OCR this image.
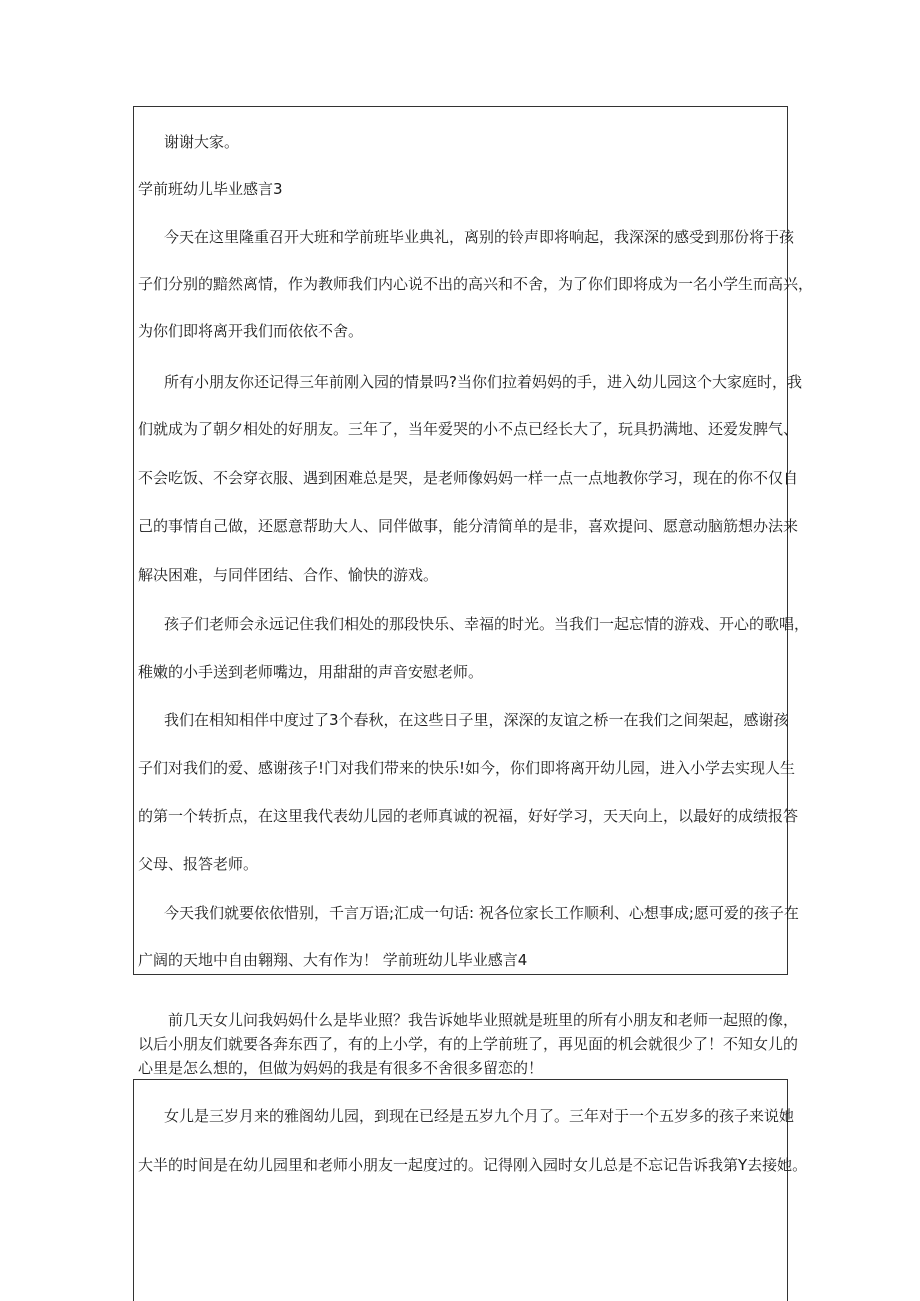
谢谢大家。
学前班幼儿毕业感言3
今天在这里隆重召开大班和学前班毕业典礼，离别的铃声即将响起，我深深的感受到那份将于孩
子们分别的黯然离情，作为教师我们内心说不出的高兴和不舍，为了你们即将成为一名小学生而高兴，
为你们即将离开我们而依依不舍。
所有小朋友你还记得三年前刚入园的情景吗?当你们拉着妈妈的手，进入幼儿园这个大家庭时，我
们就成为了朝夕相处的好朋友。三年了，当年爱哭的小不点已经长大了，玩具扔满地、还爱发脾气、
不会吃饭、不会穿衣服、遇到困难总是哭，是老师像妈妈一样一点一点地教你学习，现在的你不仅自
己的事情自己做，还愿意帮助大人、同伴做事，能分清简单的是非，喜欢提问、愿意动脑筋想办法来
解决困难，与同伴团结、合作、愉快的游戏。
孩子们老师会永远记住我们相处的那段快乐、幸福的时光。当我们一起忘情的游戏、开心的歌唱，
稚嫩的小手送到老师嘴边，用甜甜的声音安慰老师。
我们在相知相伴中度过了3个春秋，在这些日子里，深深的友谊之桥一在我们之间架起，感谢孩
子们对我们的爱、感谢孩子!门对我们带来的快乐!如今，你们即将离开幼儿园，进入小学去实现人生
的第一个转折点，在这里我代表幼儿园的老师真诚的祝福，好好学习，天天向上，以最好的成绩报答
父母、报答老师。
今天我们就要依依惜别，千言万语;汇成一句话: 祝各位家长工作顺利、心想事成;愿可爱的孩子在
广阔的天地中自由翱翔、大有作为！ 学前班幼儿毕业感言4
前几天女儿问我妈妈什么是毕业照？我告诉她毕业照就是班里的所有小朋友和老师一起照的像，
以后小朋友们就要各奔东西了，有的上小学，有的上学前班了，再见面的机会就很少了！不知女儿的
心里是怎么想的，但做为妈妈的我是有很多不舍很多留恋的！
女儿是三岁月来的雅阁幼儿园，到现在已经是五岁九个月了。三年对于一个五岁多的孩子来说她
大半的时间是在幼儿园里和老师小朋友一起度过的。记得刚入园时女儿总是不忘记告诉我第Y去接她。
